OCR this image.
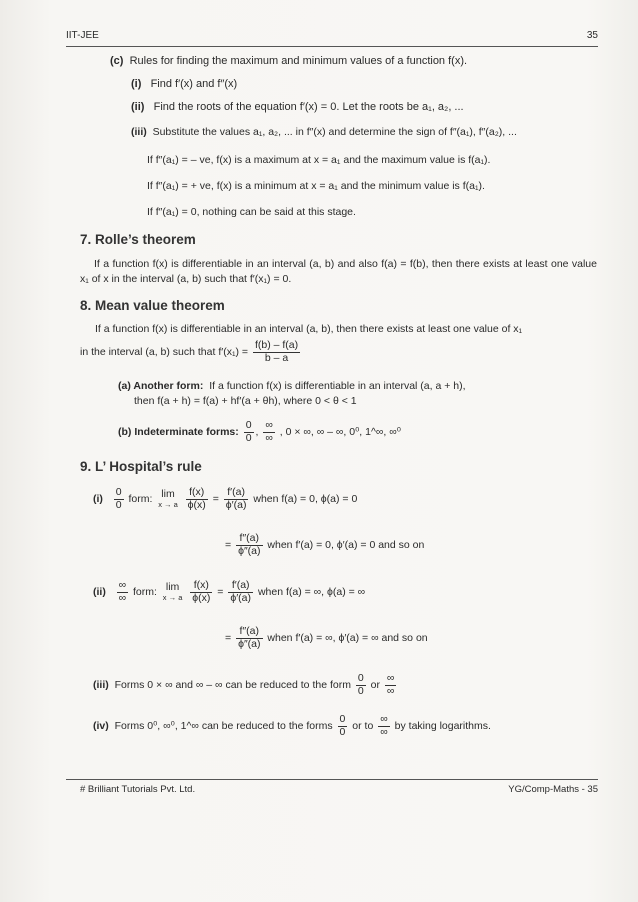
IIT-JEE	35
(c) Rules for finding the maximum and minimum values of a function f(x).
(i) Find f′(x) and f″(x)
(ii) Find the roots of the equation f′(x) = 0. Let the roots be a₁, a₂, ...
(iii) Substitute the values a₁, a₂, ... in f″(x) and determine the sign of f″(a₁), f″(a₂), ...
If f″(a₁) = – ve, f(x) is a maximum at x = a₁ and the maximum value is f(a₁).
If f″(a₁) = + ve, f(x) is a minimum at x = a₁ and the minimum value is f(a₁).
If f″(a₁) = 0, nothing can be said at this stage.
7. Rolle’s theorem
If a function f(x) is differentiable in an interval (a, b) and also f(a) = f(b), then there exists at least one value x₁ of x in the interval (a, b) such that f′(x₁) = 0.
8. Mean value theorem
If a function f(x) is differentiable in an interval (a, b), then there exists at least one value of x₁
in the interval (a, b) such that $f'(x_1) = \frac{f(b) - f(a)}{b - a}$
(a) Another form: If a function f(x) is differentiable in an interval (a, a + h),
then f(a + h) = f(a) + hf′(a + θh), where 0 < θ < 1
(b) Indeterminate forms: $\frac{0}{0}$ , $\frac{\infty}{\infty}$ , 0 × ∞, ∞ – ∞, 0⁰, 1^∞, ∞⁰
9. L’ Hospital’s rule
$(i) \frac{0}{0}$ form: lim
x → a
$\frac{f(x)}{\phi(x)} = \frac{f'(a)}{\phi'(a)}$ when f(a) = 0, ϕ(a) = 0
= $\frac{f''(a)}{\phi''(a)}$ when f′(a) = 0, ϕ′(a) = 0 and so on
$(ii) \frac{\infty}{\infty}$ form: lim
x → a
$\frac{f(x)}{\phi(x)} = \frac{f'(a)}{\phi'(a)}$ when f(a) = ∞, ϕ(a) = ∞
= $\frac{f''(a)}{\phi''(a)}$ when f′(a) = ∞, ϕ′(a) = ∞ and so on
(iii) Forms 0 × ∞ and ∞ – ∞ can be reduced to the form $\frac{0}{0}$ or $\frac{\infty}{\infty}$
(iv) Forms 0⁰, ∞⁰, 1^∞ can be reduced to the forms $\frac{0}{0}$ or to $\frac{\infty}{\infty}$ by taking logarithms.
# Brilliant Tutorials Pvt. Ltd.	YG/Comp-Maths - 35
